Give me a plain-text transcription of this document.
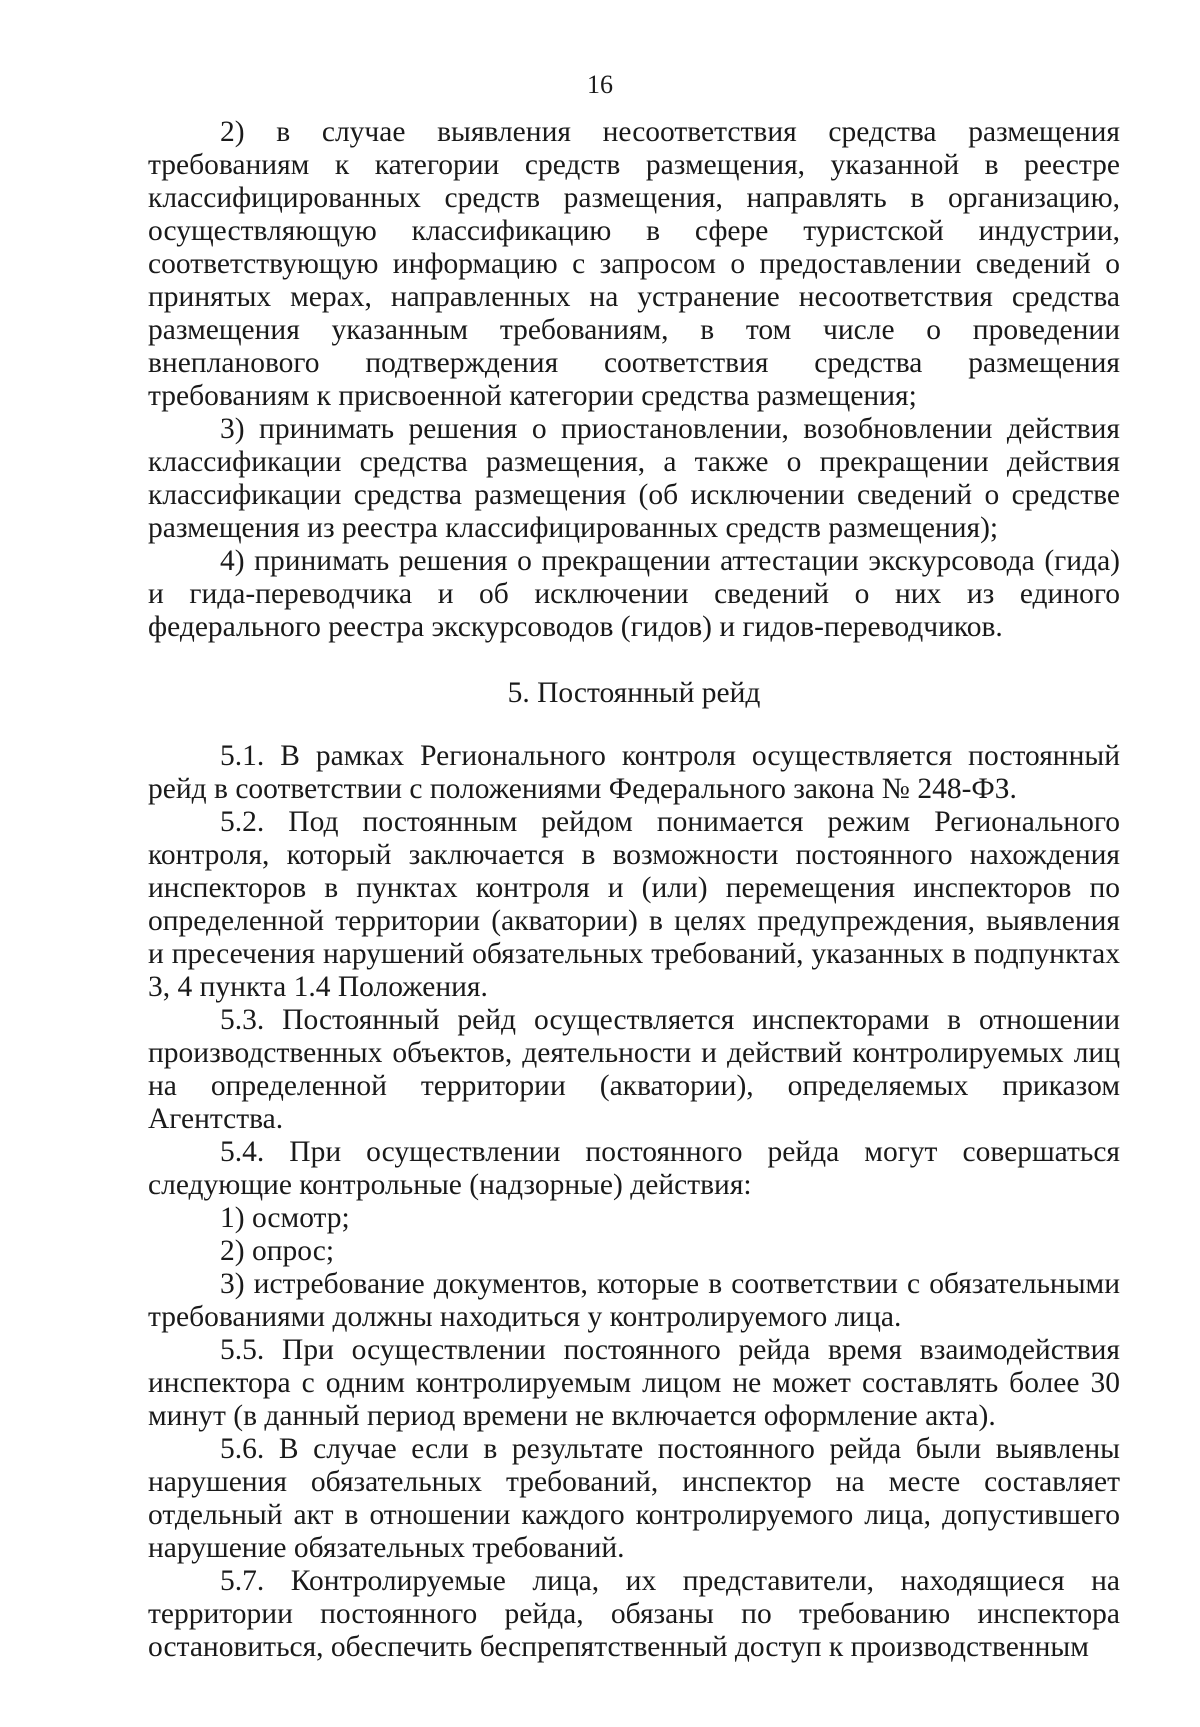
16

2) в случае выявления несоответствия средства размещения требованиям к категории средств размещения, указанной в реестре классифицированных средств размещения, направлять в организацию, осуществляющую классификацию в сфере туристской индустрии, соответствующую информацию с запросом о предоставлении сведений о принятых мерах, направленных на устранение несоответствия средства размещения указанным требованиям, в том числе о проведении внепланового подтверждения соответствия средства размещения требованиям к присвоенной категории средства размещения;

3) принимать решения о приостановлении, возобновлении действия классификации средства размещения, а также о прекращении действия классификации средства размещения (об исключении сведений о средстве размещения из реестра классифицированных средств размещения);

4) принимать решения о прекращении аттестации экскурсовода (гида) и гида-переводчика и об исключении сведений о них из единого федерального реестра экскурсоводов (гидов) и гидов-переводчиков.

5. Постоянный рейд

5.1. В рамках Регионального контроля осуществляется постоянный рейд в соответствии с положениями Федерального закона № 248-ФЗ.

5.2. Под постоянным рейдом понимается режим Регионального контроля, который заключается в возможности постоянного нахождения инспекторов в пунктах контроля и (или) перемещения инспекторов по определенной территории (акватории) в целях предупреждения, выявления и пресечения нарушений обязательных требований, указанных в подпунктах 3, 4 пункта 1.4 Положения.

5.3. Постоянный рейд осуществляется инспекторами в отношении производственных объектов, деятельности и действий контролируемых лиц на определенной территории (акватории), определяемых приказом Агентства.

5.4. При осуществлении постоянного рейда могут совершаться следующие контрольные (надзорные) действия:

1) осмотр;

2) опрос;

3) истребование документов, которые в соответствии с обязательными требованиями должны находиться у контролируемого лица.

5.5. При осуществлении постоянного рейда время взаимодействия инспектора с одним контролируемым лицом не может составлять более 30 минут (в данный период времени не включается оформление акта).

5.6. В случае если в результате постоянного рейда были выявлены нарушения обязательных требований, инспектор на месте составляет отдельный акт в отношении каждого контролируемого лица, допустившего нарушение обязательных требований.

5.7. Контролируемые лица, их представители, находящиеся на территории постоянного рейда, обязаны по требованию инспектора остановиться, обеспечить беспрепятственный доступ к производственным
